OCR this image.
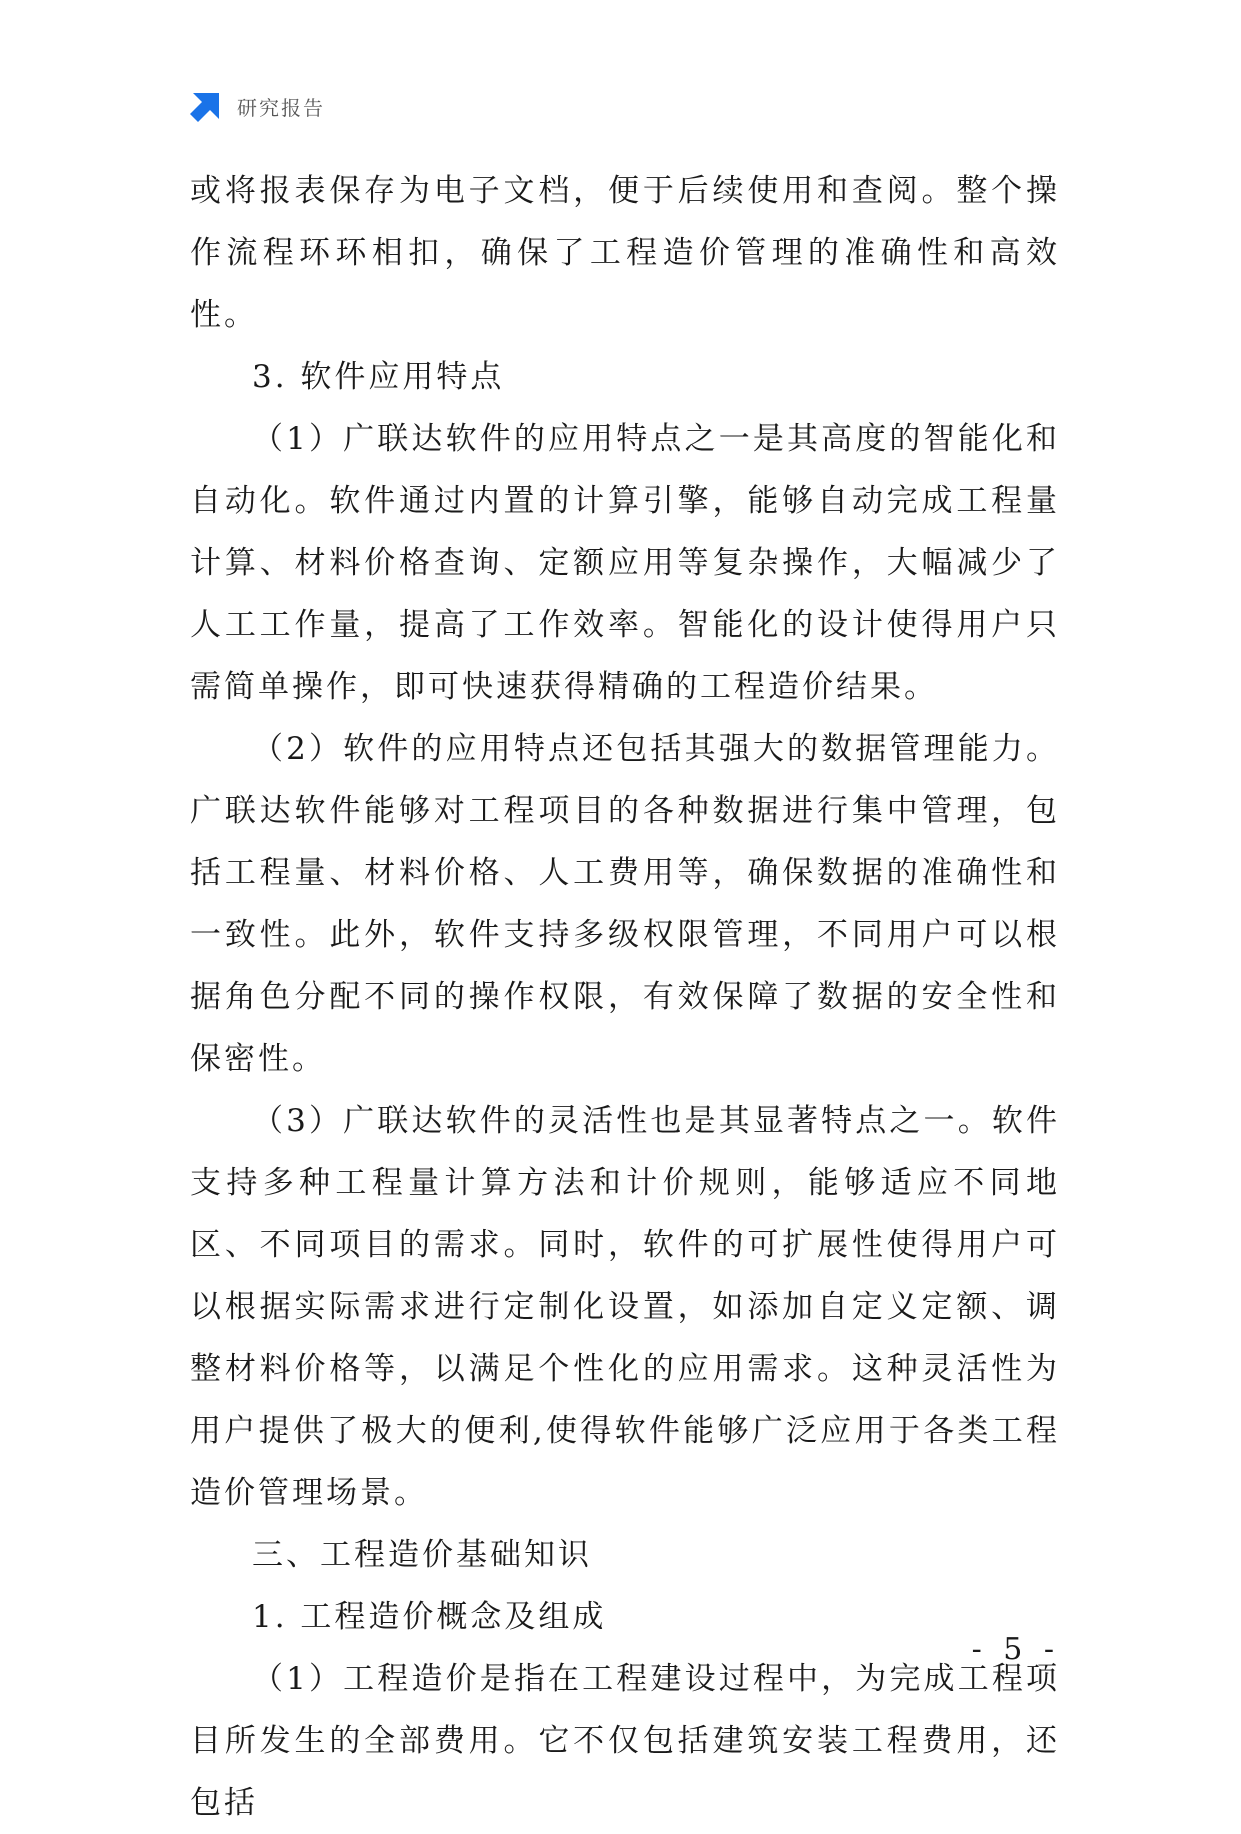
研究报告

或将报表保存为电子文档，便于后续使用和查阅。整个操作流程环环相扣，确保了工程造价管理的准确性和高效性。

3. 软件应用特点

（1）广联达软件的应用特点之一是其高度的智能化和自动化。软件通过内置的计算引擎，能够自动完成工程量计算、材料价格查询、定额应用等复杂操作，大幅减少了人工工作量，提高了工作效率。智能化的设计使得用户只需简单操作，即可快速获得精确的工程造价结果。

（2）软件的应用特点还包括其强大的数据管理能力。广联达软件能够对工程项目的各种数据进行集中管理，包括工程量、材料价格、人工费用等，确保数据的准确性和一致性。此外，软件支持多级权限管理，不同用户可以根据角色分配不同的操作权限，有效保障了数据的安全性和保密性。

（3）广联达软件的灵活性也是其显著特点之一。软件支持多种工程量计算方法和计价规则，能够适应不同地区、不同项目的需求。同时，软件的可扩展性使得用户可以根据实际需求进行定制化设置，如添加自定义定额、调整材料价格等，以满足个性化的应用需求。这种灵活性为用户提供了极大的便利,使得软件能够广泛应用于各类工程造价管理场景。

三、工程造价基础知识

1. 工程造价概念及组成

（1）工程造价是指在工程建设过程中，为完成工程项目所发生的全部费用。它不仅包括建筑安装工程费用，还包括

- 5 -
